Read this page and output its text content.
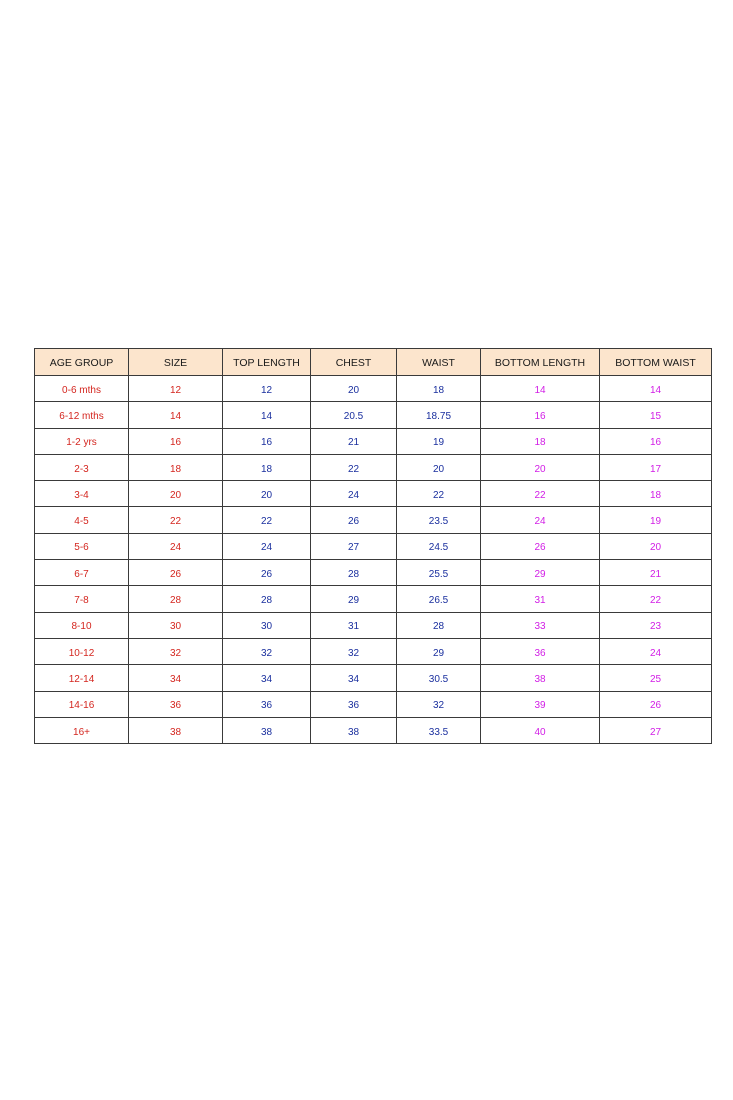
AGE GROUP	SIZE	TOP LENGTH	CHEST	WAIST	BOTTOM LENGTH	BOTTOM WAIST
0-6 mths	12	12	20	18	14	14
6-12 mths	14	14	20.5	18.75	16	15
1-2 yrs	16	16	21	19	18	16
2-3	18	18	22	20	20	17
3-4	20	20	24	22	22	18
4-5	22	22	26	23.5	24	19
5-6	24	24	27	24.5	26	20
6-7	26	26	28	25.5	29	21
7-8	28	28	29	26.5	31	22
8-10	30	30	31	28	33	23
10-12	32	32	32	29	36	24
12-14	34	34	34	30.5	38	25
14-16	36	36	36	32	39	26
16+	38	38	38	33.5	40	27
